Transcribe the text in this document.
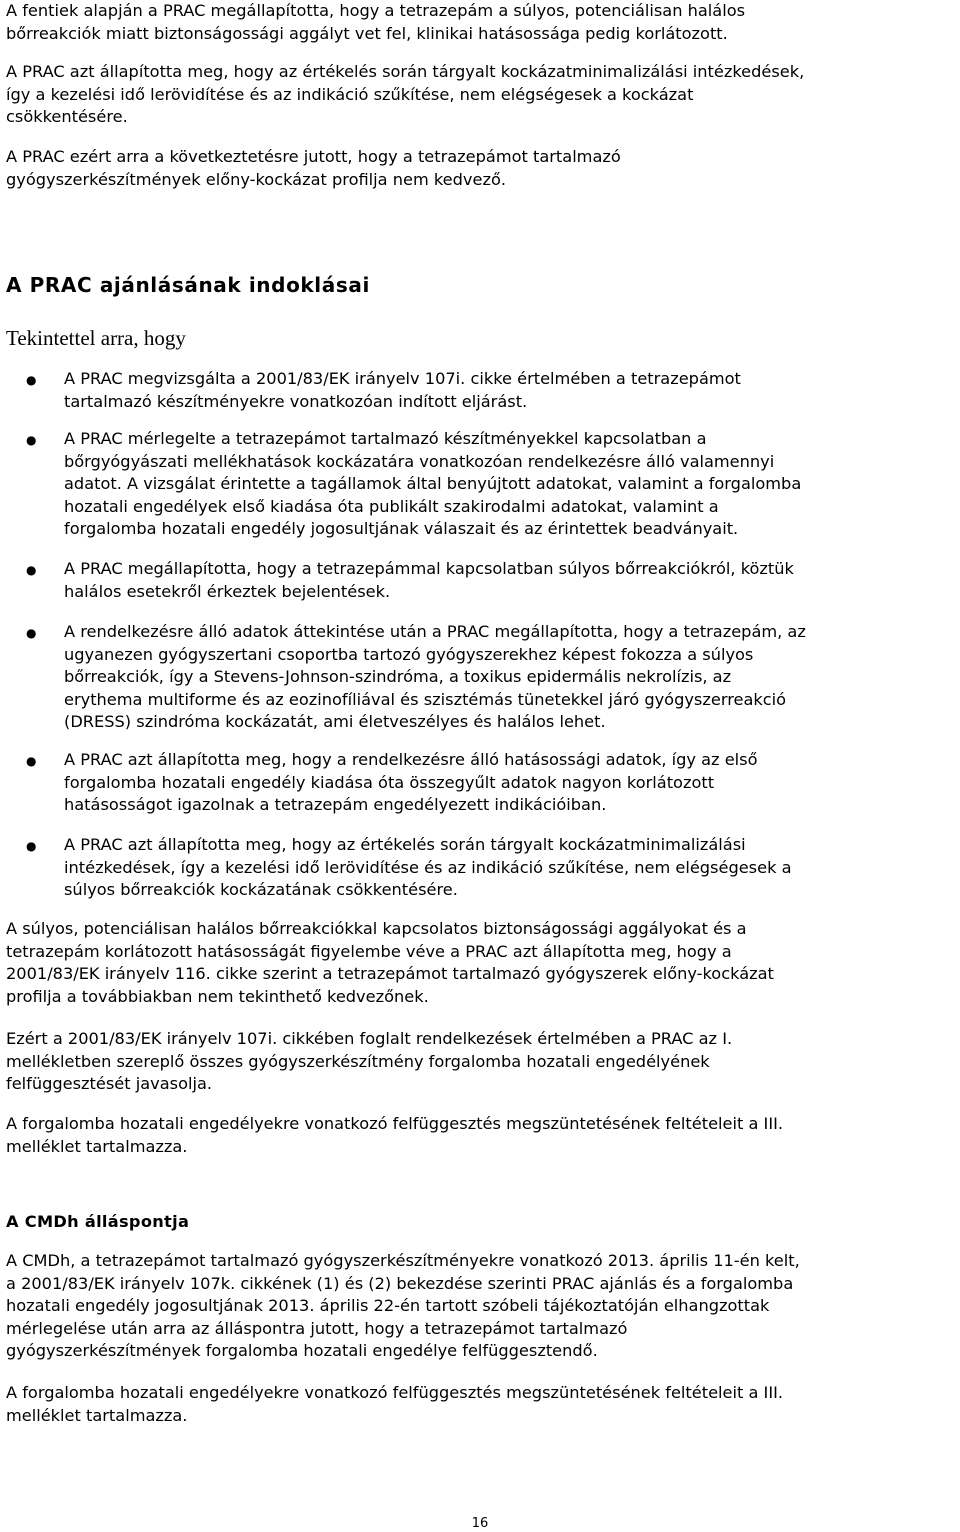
A fentiek alapján a PRAC megállapította, hogy a tetrazepám a súlyos, potenciálisan halálos
bőrreakciók miatt biztonságossági aggályt vet fel, klinikai hatásossága pedig korlátozott.
A PRAC azt állapította meg, hogy az értékelés során tárgyalt kockázatminimalizálási intézkedések,
így a kezelési idő lerövidítése és az indikáció szűkítése, nem elégségesek a kockázat
csökkentésére.
A PRAC ezért arra a következtetésre jutott, hogy a tetrazepámot tartalmazó
gyógyszerkészítmények előny-kockázat profilja nem kedvező.
A PRAC ajánlásának indoklásai
Tekintettel arra, hogy
● A PRAC megvizsgálta a 2001/83/EK irányelv 107i. cikke értelmében a tetrazepámot
tartalmazó készítményekre vonatkozóan indított eljárást.
● A PRAC mérlegelte a tetrazepámot tartalmazó készítményekkel kapcsolatban a
bőrgyógyászati mellékhatások kockázatára vonatkozóan rendelkezésre álló valamennyi
adatot. A vizsgálat érintette a tagállamok által benyújtott adatokat, valamint a forgalomba
hozatali engedélyek első kiadása óta publikált szakirodalmi adatokat, valamint a
forgalomba hozatali engedély jogosultjának válaszait és az érintettek beadványait.
● A PRAC megállapította, hogy a tetrazepámmal kapcsolatban súlyos bőrreakciókról, köztük
halálos esetekről érkeztek bejelentések.
● A rendelkezésre álló adatok áttekintése után a PRAC megállapította, hogy a tetrazepám, az
ugyanezen gyógyszertani csoportba tartozó gyógyszerekhez képest fokozza a súlyos
bőrreakciók, így a Stevens-Johnson-szindróma, a toxikus epidermális nekrolízis, az
erythema multiforme és az eozinofíliával és szisztémás tünetekkel járó gyógyszerreakció
(DRESS) szindróma kockázatát, ami életveszélyes és halálos lehet.
● A PRAC azt állapította meg, hogy a rendelkezésre álló hatásossági adatok, így az első
forgalomba hozatali engedély kiadása óta összegyűlt adatok nagyon korlátozott
hatásosságot igazolnak a tetrazepám engedélyezett indikációiban.
● A PRAC azt állapította meg, hogy az értékelés során tárgyalt kockázatminimalizálási
intézkedések, így a kezelési idő lerövidítése és az indikáció szűkítése, nem elégségesek a
súlyos bőrreakciók kockázatának csökkentésére.
A súlyos, potenciálisan halálos bőrreakciókkal kapcsolatos biztonságossági aggályokat és a
tetrazepám korlátozott hatásosságát figyelembe véve a PRAC azt állapította meg, hogy a
2001/83/EK irányelv 116. cikke szerint a tetrazepámot tartalmazó gyógyszerek előny-kockázat
profilja a továbbiakban nem tekinthető kedvezőnek.
Ezért a 2001/83/EK irányelv 107i. cikkében foglalt rendelkezések értelmében a PRAC az I.
mellékletben szereplő összes gyógyszerkészítmény forgalomba hozatali engedélyének
felfüggesztését javasolja.
A forgalomba hozatali engedélyekre vonatkozó felfüggesztés megszüntetésének feltételeit a III.
melléklet tartalmazza.
A CMDh álláspontja
A CMDh, a tetrazepámot tartalmazó gyógyszerkészítményekre vonatkozó 2013. április 11-én kelt,
a 2001/83/EK irányelv 107k. cikkének (1) és (2) bekezdése szerinti PRAC ajánlás és a forgalomba
hozatali engedély jogosultjának 2013. április 22-én tartott szóbeli tájékoztatóján elhangzottak
mérlegelése után arra az álláspontra jutott, hogy a tetrazepámot tartalmazó
gyógyszerkészítmények forgalomba hozatali engedélye felfüggesztendő.
A forgalomba hozatali engedélyekre vonatkozó felfüggesztés megszüntetésének feltételeit a III.
melléklet tartalmazza.
16
